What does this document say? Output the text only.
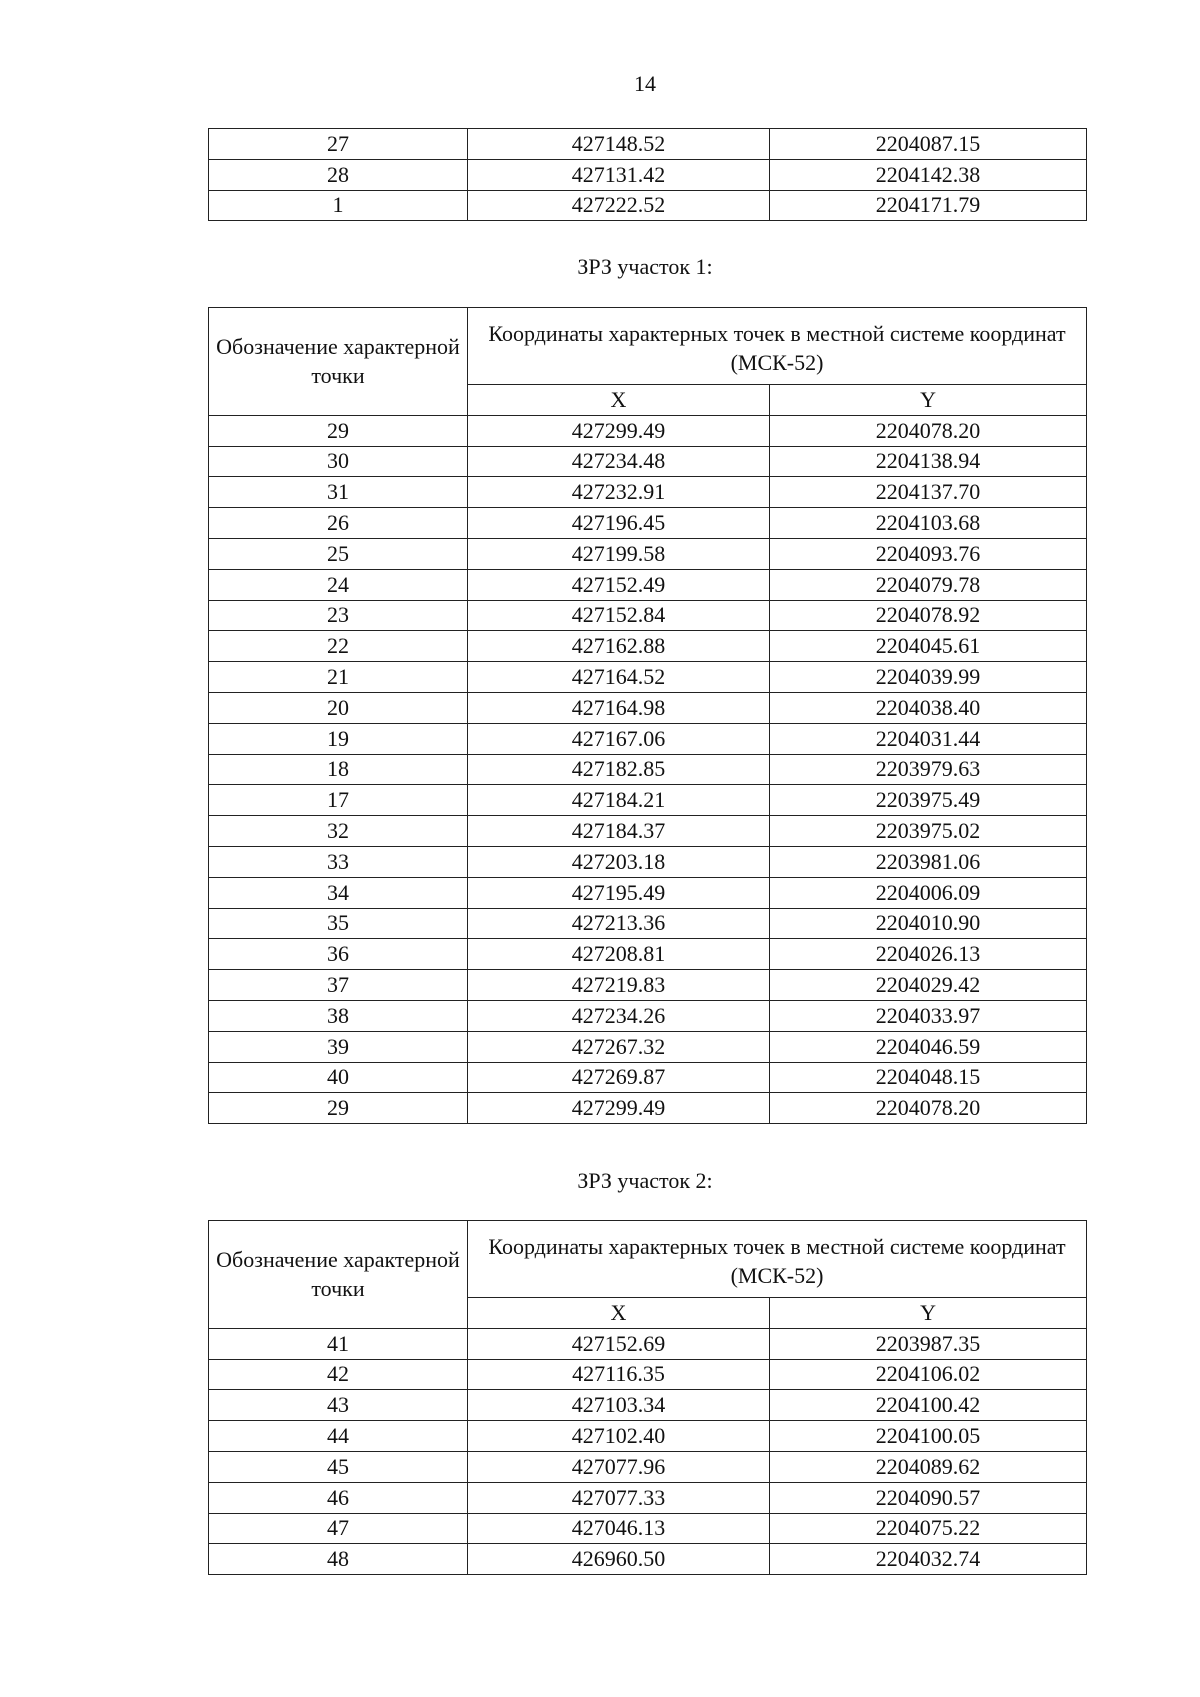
14
27	427148.52	2204087.15
28	427131.42	2204142.38
1	427222.52	2204171.79
ЗРЗ участок 1:
Обозначение характерной точки	Координаты характерных точек в местной системе координат (МСК-52)	
	X	Y
29	427299.49	2204078.20
30	427234.48	2204138.94
31	427232.91	2204137.70
26	427196.45	2204103.68
25	427199.58	2204093.76
24	427152.49	2204079.78
23	427152.84	2204078.92
22	427162.88	2204045.61
21	427164.52	2204039.99
20	427164.98	2204038.40
19	427167.06	2204031.44
18	427182.85	2203979.63
17	427184.21	2203975.49
32	427184.37	2203975.02
33	427203.18	2203981.06
34	427195.49	2204006.09
35	427213.36	2204010.90
36	427208.81	2204026.13
37	427219.83	2204029.42
38	427234.26	2204033.97
39	427267.32	2204046.59
40	427269.87	2204048.15
29	427299.49	2204078.20
ЗРЗ участок 2:
Обозначение характерной точки	Координаты характерных точек в местной системе координат (МСК-52)	
	X	Y
41	427152.69	2203987.35
42	427116.35	2204106.02
43	427103.34	2204100.42
44	427102.40	2204100.05
45	427077.96	2204089.62
46	427077.33	2204090.57
47	427046.13	2204075.22
48	426960.50	2204032.74
